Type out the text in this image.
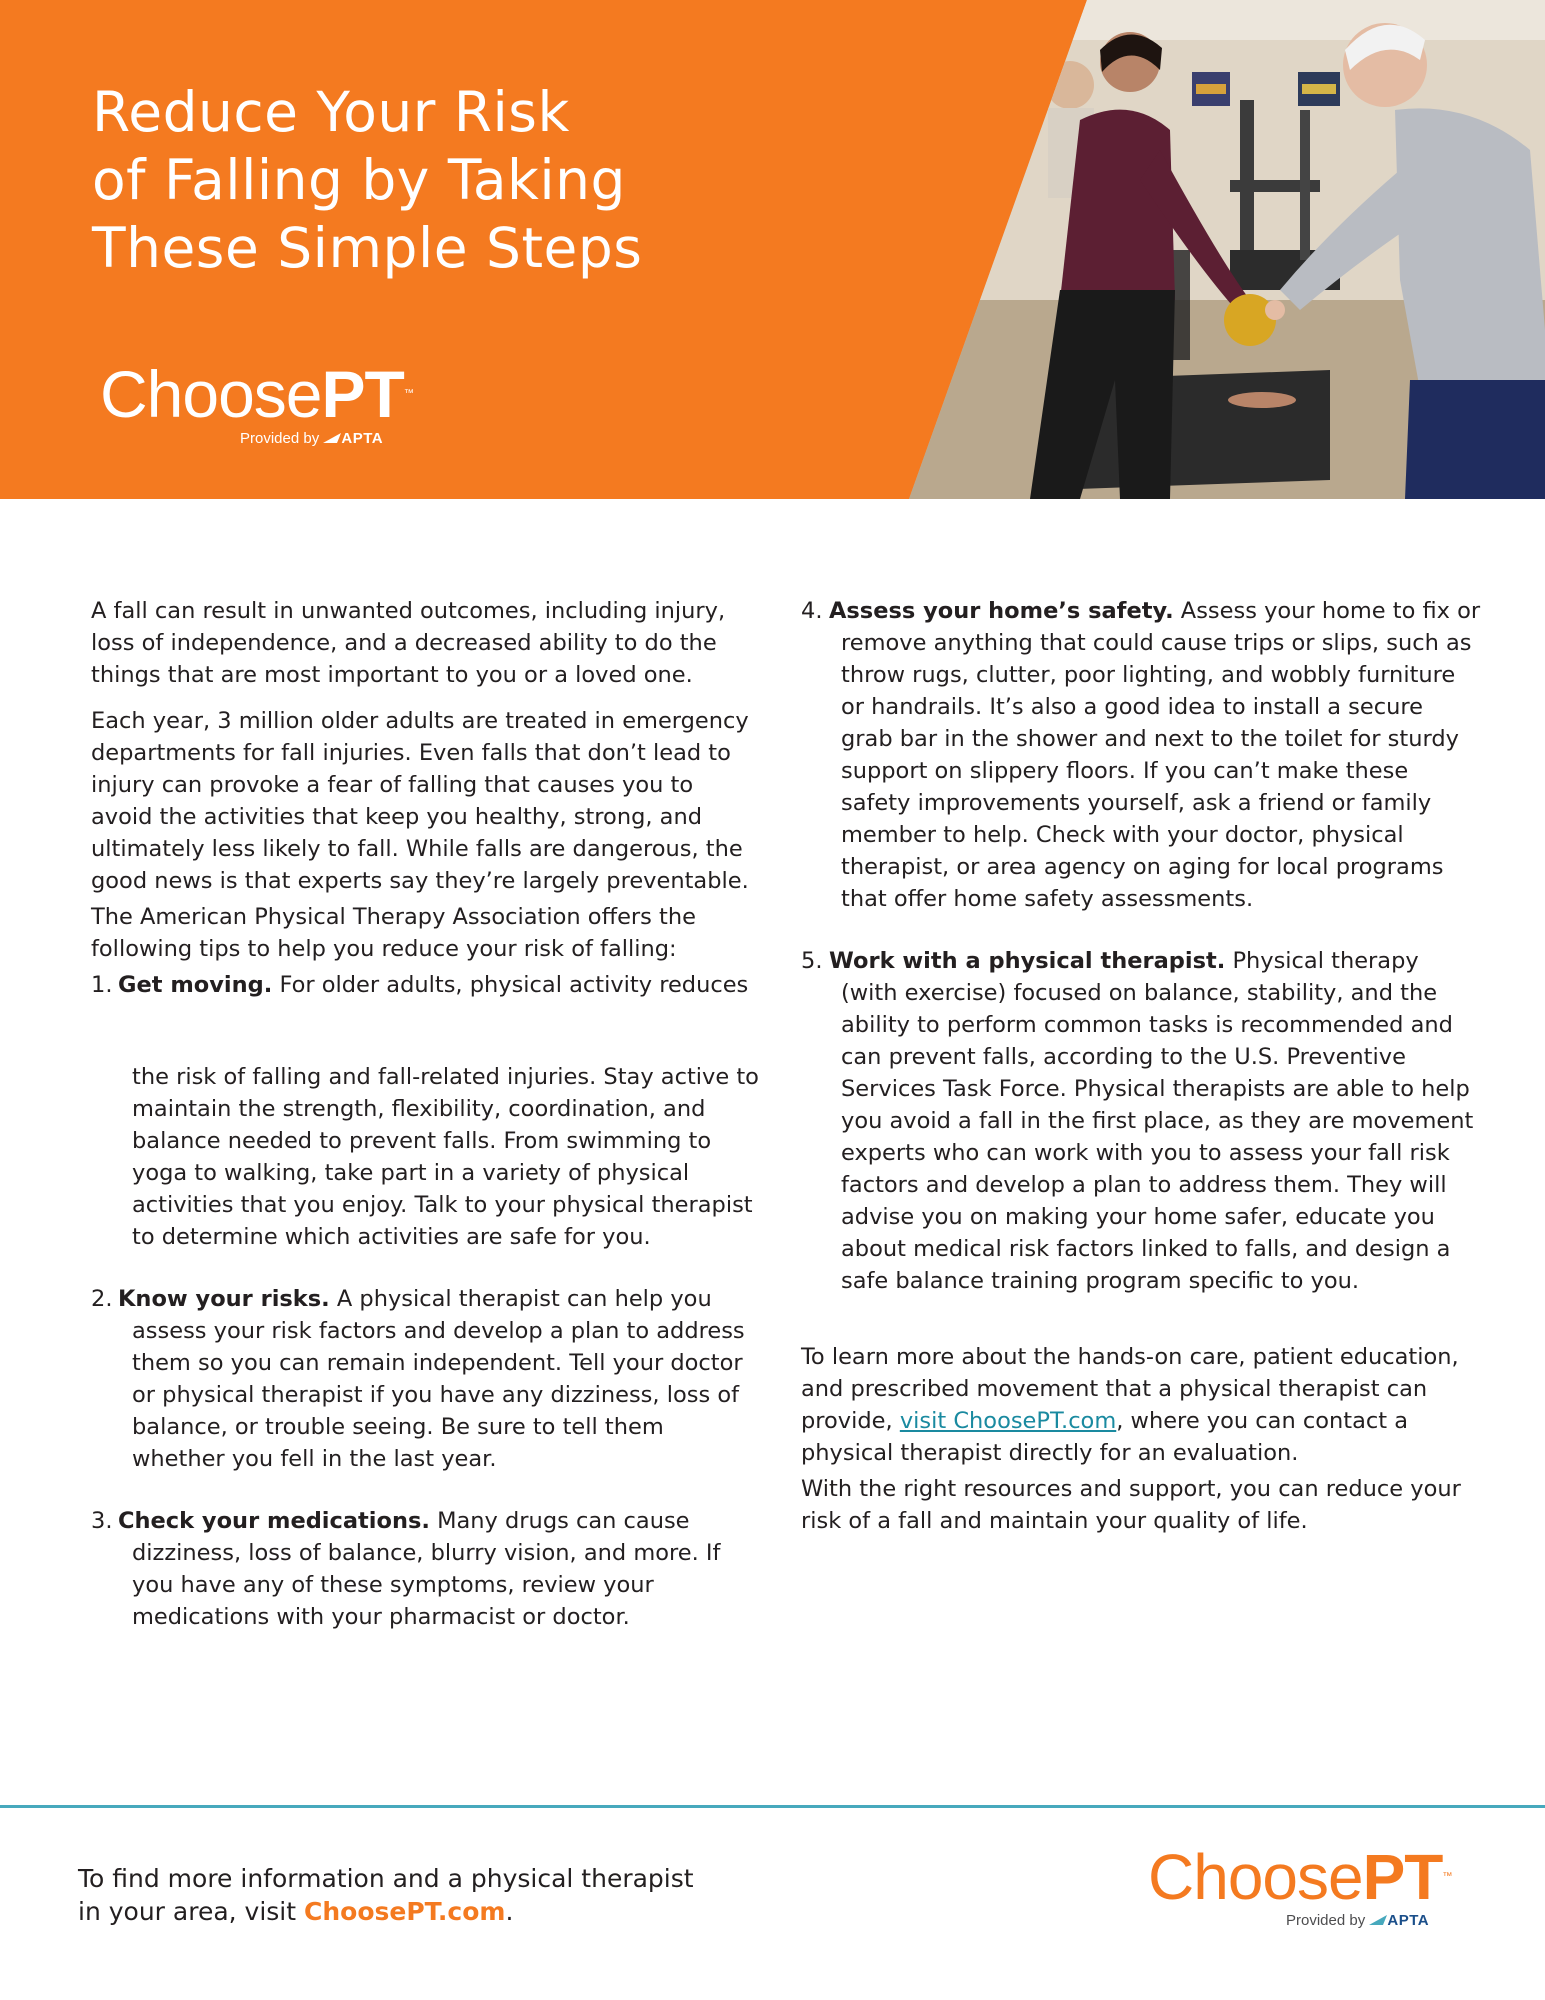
Reduce Your Risk
of Falling by Taking
These Simple Steps
ChoosePT™
Provided by APTA

A fall can result in unwanted outcomes, including injury, loss of independence, and a decreased ability to do the things that are most important to you or a loved one.

Each year, 3 million older adults are treated in emergency departments for fall injuries. Even falls that don’t lead to injury can provoke a fear of falling that causes you to avoid the activities that keep you healthy, strong, and ultimately less likely to fall. While falls are dangerous, the good news is that experts say they’re largely preventable.

The American Physical Therapy Association offers the following tips to help you reduce your risk of falling:

1. Get moving. For older adults, physical activity reduces

the risk of falling and fall-related injuries. Stay active to maintain the strength, flexibility, coordination, and balance needed to prevent falls. From swimming to yoga to walking, take part in a variety of physical activities that you enjoy. Talk to your physical therapist to determine which activities are safe for you.

2. Know your risks. A physical therapist can help you assess your risk factors and develop a plan to address them so you can remain independent. Tell your doctor or physical therapist if you have any dizziness, loss of balance, or trouble seeing. Be sure to tell them whether you fell in the last year.
3. Check your medications. Many drugs can cause dizziness, loss of balance, blurry vision, and more. If you have any of these symptoms, review your medications with your pharmacist or doctor.
4. Assess your home’s safety. Assess your home to fix or remove anything that could cause trips or slips, such as throw rugs, clutter, poor lighting, and wobbly furniture or handrails. It’s also a good idea to install a secure grab bar in the shower and next to the toilet for sturdy support on slippery floors. If you can’t make these safety improvements yourself, ask a friend or family member to help. Check with your doctor, physical therapist, or area agency on aging for local programs that offer home safety assessments.
5. Work with a physical therapist. Physical therapy (with exercise) focused on balance, stability, and the ability to perform common tasks is recommended and can prevent falls, according to the U.S. Preventive Services Task Force. Physical therapists are able to help you avoid a fall in the first place, as they are movement experts who can work with you to assess your fall risk factors and develop a plan to address them. They will advise you on making your home safer, educate you about medical risk factors linked to falls, and design a safe balance training program specific to you.

To learn more about the hands-on care, patient education, and prescribed movement that a physical therapist can provide, visit ChoosePT.com, where you can contact a physical therapist directly for an evaluation.

With the right resources and support, you can reduce your risk of a fall and maintain your quality of life.

To find more information and a physical therapist
in your area, visit ChoosePT.com.	ChoosePT™
Provided by APTA
